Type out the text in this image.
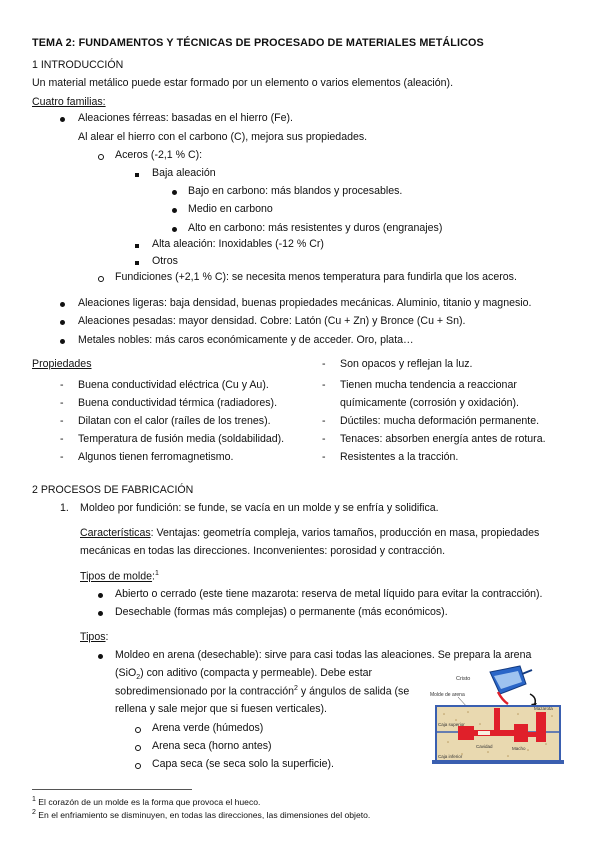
TEMA 2: FUNDAMENTOS Y TÉCNICAS DE PROCESADO DE MATERIALES METÁLICOS
1 INTRODUCCIÓN
Un material metálico puede estar formado por un elemento o varios elementos (aleación).
Cuatro familias:
Aleaciones férreas: basadas en el hierro (Fe).
Al alear el hierro con el carbono (C), mejora sus propiedades.
Aceros (-2,1 % C):
Baja aleación
Bajo en carbono: más blandos y procesables.
Medio en carbono
Alto en carbono: más resistentes y duros (engranajes)
Alta aleación: Inoxidables (-12 % Cr)
Otros
Fundiciones (+2,1 % C): se necesita menos temperatura para fundirla que los aceros.
Aleaciones ligeras: baja densidad, buenas propiedades mecánicas. Aluminio, titanio y magnesio.
Aleaciones pesadas: mayor densidad. Cobre: Latón (Cu + Zn) y Bronce (Cu + Sn).
Metales nobles: más caros económicamente y de acceder. Oro, plata…
Propiedades
- Buena conductividad eléctrica (Cu y Au).
- Buena conductividad térmica (radiadores).
- Dilatan con el calor (raíles de los trenes).
- Temperatura de fusión media (soldabilidad).
- Algunos tienen ferromagnetismo.
- Son opacos y reflejan la luz.
- Tienen mucha tendencia a reaccionar
químicamente (corrosión y oxidación).
- Dúctiles: mucha deformación permanente.
- Tenaces: absorben energía antes de rotura.
- Resistentes a la tracción.
2 PROCESOS DE FABRICACIÓN
1. Moldeo por fundición: se funde, se vacía en un molde y se enfría y solidifica.
Características: Ventajas: geometría compleja, varios tamaños, producción en masa, propiedades
mecánicas en todas las direcciones. Inconvenientes: porosidad y contracción.
Tipos de molde:$^1$
Abierto o cerrado (este tiene mazarota: reserva de metal líquido para evitar la contracción).
Desechable (formas más complejas) o permanente (más económicos).
Tipos:
Moldeo en arena (desechable): sirve para casi todas las aleaciones. Se prepara la arena
(SiO$_2$) con aditivo (compacta y permeable). Debe estar
sobredimensionado por la contracción$^2$ y ángulos de salida (se
rellena y sale mejor que si fuesen verticales).
Arena verde (húmedos)
Arena seca (horno antes)
Capa seca (se seca solo la superficie).
Cristo
Molde de arena
Caja superior
Caja inferior
Cavidad	Macho
Mazarota
$^1$ El corazón de un molde es la forma que provoca el hueco.
$^2$ En el enfriamiento se disminuyen, en todas las direcciones, las dimensiones del objeto.
